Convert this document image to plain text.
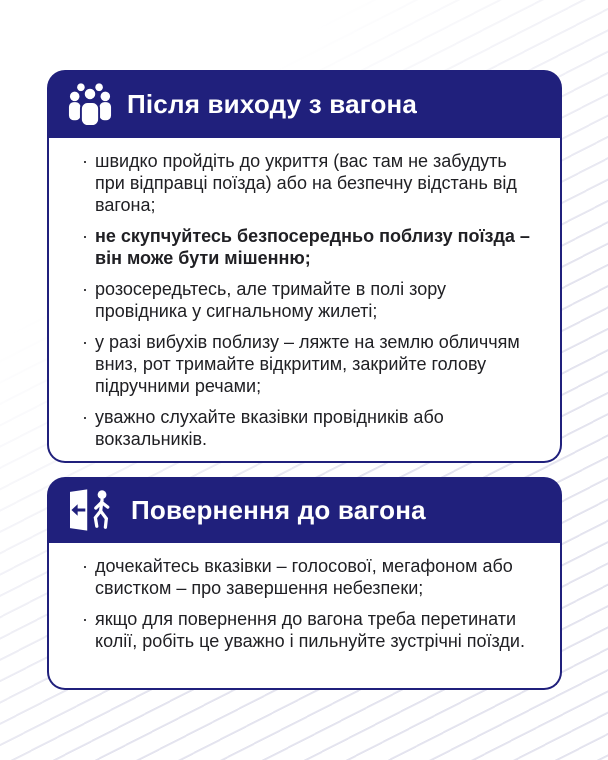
Після виходу з вагона
· швидко пройдіть до укриття (вас там не забудуть при відправці поїзда) або на безпечну відстань від вагона;
· не скупчуйтесь безпосередньо поблизу поїзда – він може бути мішенню;
· розосередьтесь, але тримайте в полі зору провідника у сигнальному жилеті;
· у разі вибухів поблизу – ляжте на землю обличчям вниз, рот тримайте відкритим, закрийте голову підручними речами;
· уважно слухайте вказівки провідників або вокзальників.
Повернення до вагона
· дочекайтесь вказівки – голосової, мегафоном або свистком – про завершення небезпеки;
· якщо для повернення до вагона треба перетинати колії, робіть це уважно і пильнуйте зустрічні поїзди.
